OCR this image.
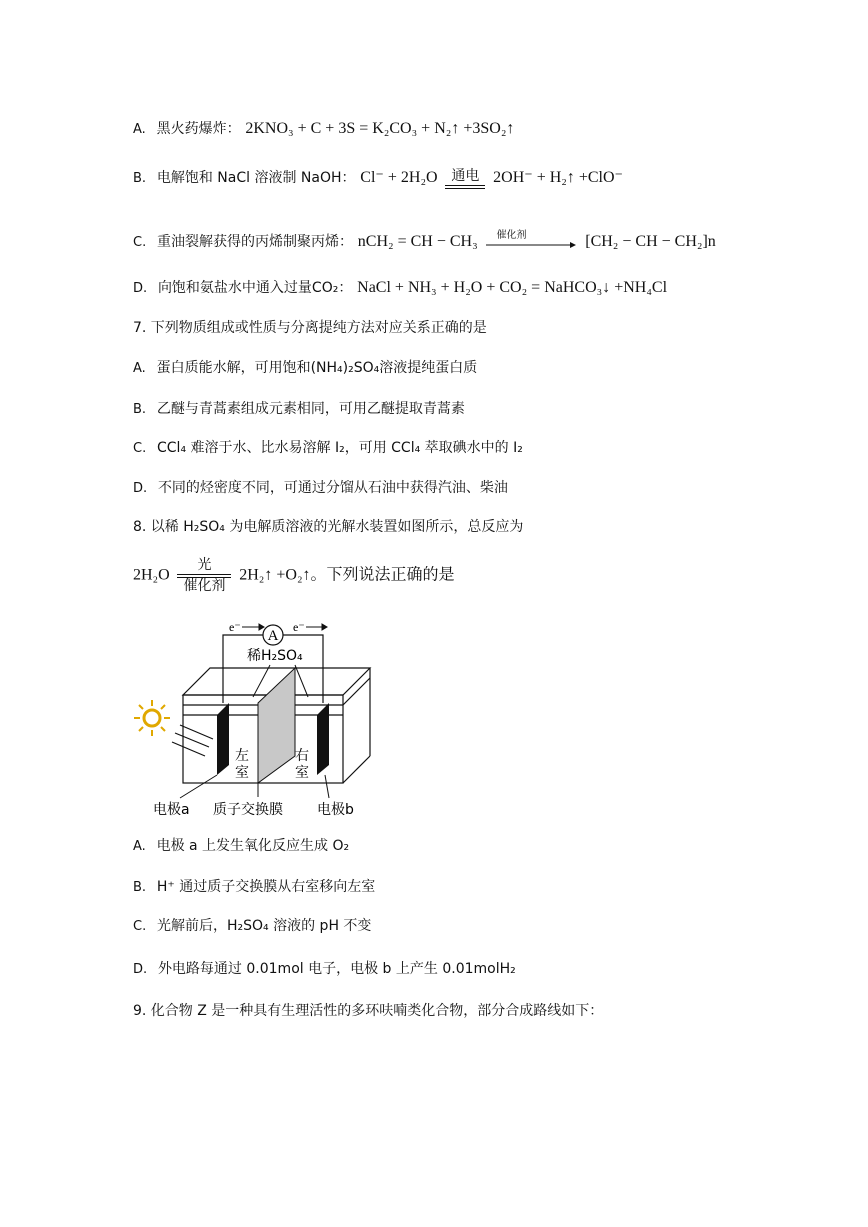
A. 黑火药爆炸： 2KNO₃ + C + 3S = K₂CO₃ + N₂↑ +3SO₂↑
B. 电解饱和 NaCl 溶液制 NaOH： Cl⁻ + 2H₂O 通电 2OH⁻ + H₂↑ +ClO⁻
C. 重油裂解获得的丙烯制聚丙烯： nCH₂ = CH − CH₃ 催化剂	[CH₂ − CH − CH₂]n
D. 向饱和氨盐水中通入过量CO₂： NaCl + NH₃ + H₂O + CO₂ = NaHCO₃↓ +NH₄Cl
7. 下列物质组成或性质与分离提纯方法对应关系正确的是
A. 蛋白质能水解，可用饱和(NH₄)₂SO₄溶液提纯蛋白质
B. 乙醚与青蒿素组成元素相同，可用乙醚提取青蒿素
C. CCl₄ 难溶于水、比水易溶解 I₂，可用 CCl₄ 萃取碘水中的 I₂
D. 不同的烃密度不同，可通过分馏从石油中获得汽油、柴油
8. 以稀 H₂SO₄ 为电解质溶液的光解水装置如图所示，总反应为
2H₂O
光
催化剂
2H₂↑ +O₂↑。下列说法正确的是
A
e⁻	e⁻
稀H₂SO₄
左
室
右
室
电极a 质子交换膜 电极b
A. 电极 a 上发生氧化反应生成 O₂
B. H⁺ 通过质子交换膜从右室移向左室
C. 光解前后，H₂SO₄ 溶液的 pH 不变
D. 外电路每通过 0.01mol 电子，电极 b 上产生 0.01molH₂
9. 化合物 Z 是一种具有生理活性的多环呋喃类化合物，部分合成路线如下：
